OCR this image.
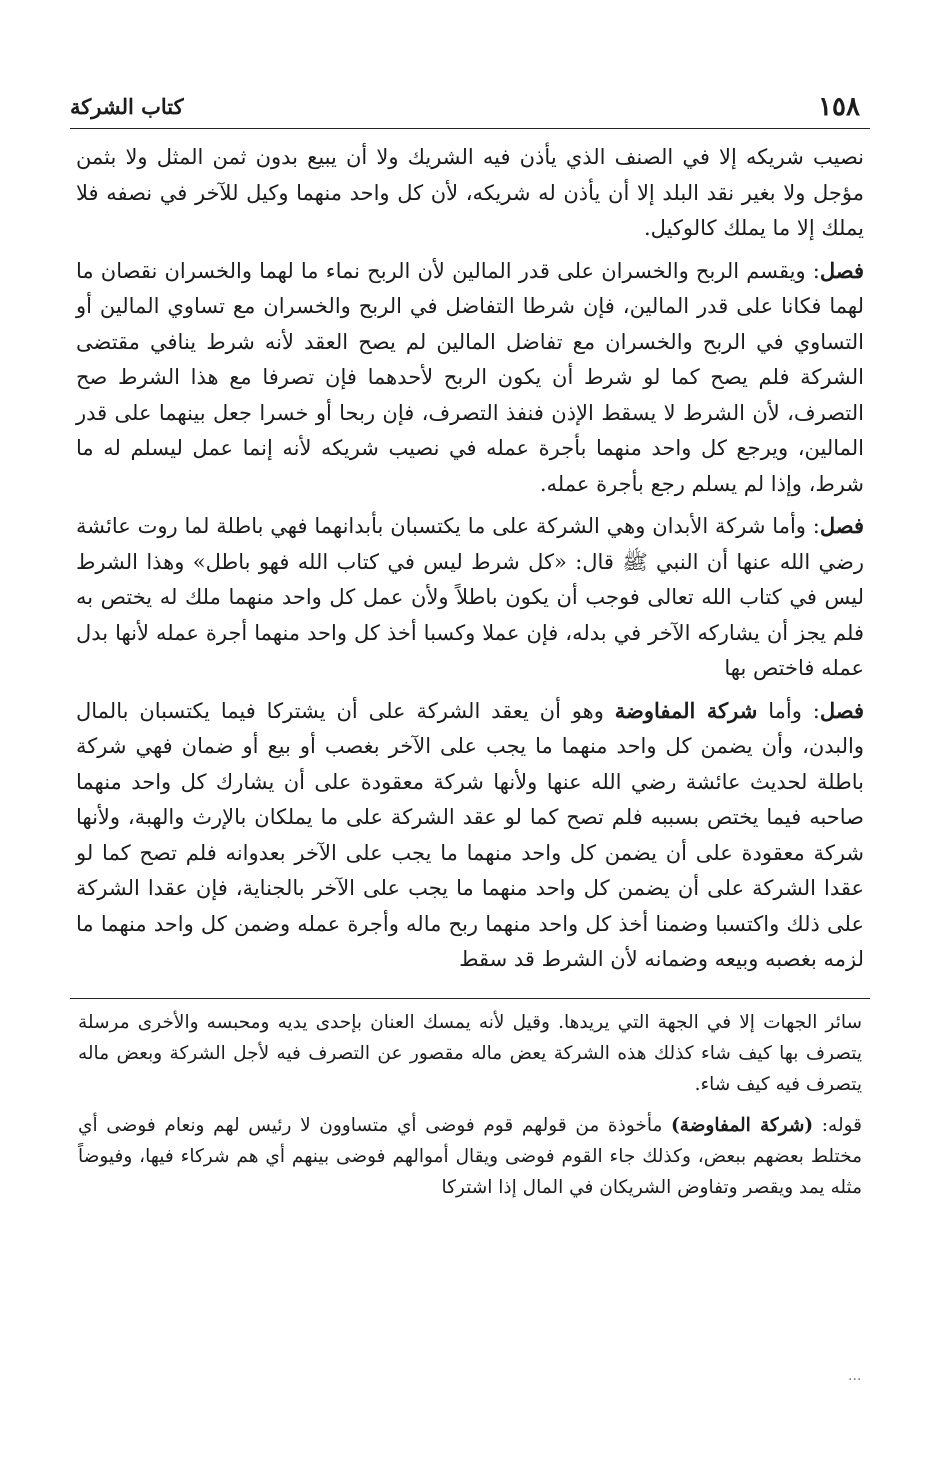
١٥٨
كتاب الشركة

نصيب شريكه إلا في الصنف الذي يأذن فيه الشريك ولا أن يبيع بدون ثمن المثل ولا بثمن مؤجل ولا بغير نقد البلد إلا أن يأذن له شريكه، لأن كل واحد منهما وكيل للآخر في نصفه فلا يملك إلا ما يملك كالوكيل.

فصل: ويقسم الربح والخسران على قدر المالين لأن الربح نماء ما لهما والخسران نقصان ما لهما فكانا على قدر المالين، فإن شرطا التفاضل في الربح والخسران مع تساوي المالين أو التساوي في الربح والخسران مع تفاضل المالين لم يصح العقد لأنه شرط ينافي مقتضى الشركة فلم يصح كما لو شرط أن يكون الربح لأحدهما فإن تصرفا مع هذا الشرط صح التصرف، لأن الشرط لا يسقط الإذن فنفذ التصرف، فإن ربحا أو خسرا جعل بينهما على قدر المالين، ويرجع كل واحد منهما بأجرة عمله في نصيب شريكه لأنه إنما عمل ليسلم له ما شرط، وإذا لم يسلم رجع بأجرة عمله.

فصل: وأما شركة الأبدان وهي الشركة على ما يكتسبان بأبدانهما فهي باطلة لما روت عائشة رضي الله عنها أن النبي ﷺ قال: «كل شرط ليس في كتاب الله فهو باطل» وهذا الشرط ليس في كتاب الله تعالى فوجب أن يكون باطلاً ولأن عمل كل واحد منهما ملك له يختص به فلم يجز أن يشاركه الآخر في بدله، فإن عملا وكسبا أخذ كل واحد منهما أجرة عمله لأنها بدل عمله فاختص بها

فصل: وأما شركة المفاوضة وهو أن يعقد الشركة على أن يشتركا فيما يكتسبان بالمال والبدن، وأن يضمن كل واحد منهما ما يجب على الآخر بغصب أو بيع أو ضمان فهي شركة باطلة لحديث عائشة رضي الله عنها ولأنها شركة معقودة على أن يشارك كل واحد منهما صاحبه فيما يختص بسببه فلم تصح كما لو عقد الشركة على ما يملكان بالإرث والهبة، ولأنها شركة معقودة على أن يضمن كل واحد منهما ما يجب على الآخر بعدوانه فلم تصح كما لو عقدا الشركة على أن يضمن كل واحد منهما ما يجب على الآخر بالجناية، فإن عقدا الشركة على ذلك واكتسبا وضمنا أخذ كل واحد منهما ربح ماله وأجرة عمله وضمن كل واحد منهما ما لزمه بغصبه وبيعه وضمانه لأن الشرط قد سقط

سائر الجهات إلا في الجهة التي يريدها. وقيل لأنه يمسك العنان بإحدى يديه ومحبسه والأخرى مرسلة يتصرف بها كيف شاء كذلك هذه الشركة يعض ماله مقصور عن التصرف فيه لأجل الشركة وبعض ماله يتصرف فيه كيف شاء.

قوله: (شركة المفاوضة) مأخوذة من قولهم قوم فوضى أي متساوون لا رئيس لهم ونعام فوضى أي مختلط بعضهم ببعض، وكذلك جاء القوم فوضى ويقال أموالهم فوضى بينهم أي هم شركاء فيها، وفيوضاً مثله يمد ويقصر وتفاوض الشريكان في المال إذا اشتركا

...
